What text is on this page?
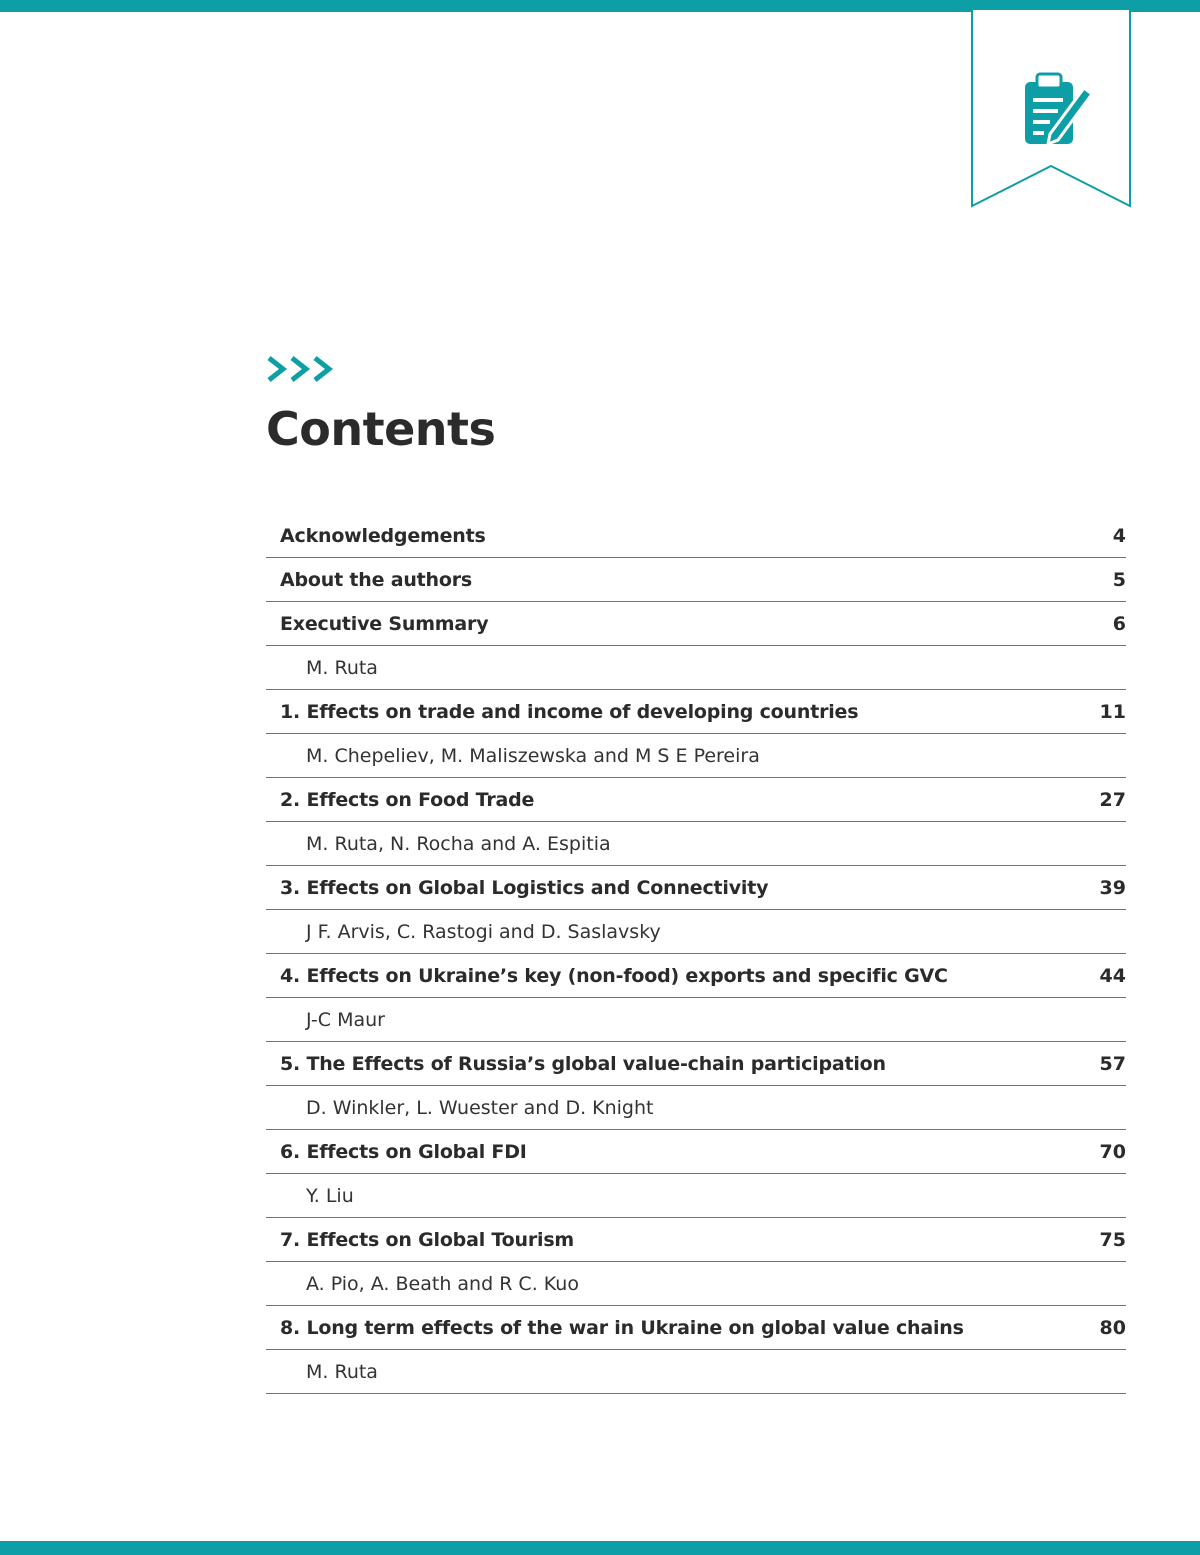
Contents
Acknowledgements	4
About the authors	5
Executive Summary	6
M. Ruta
1. Effects on trade and income of developing countries	11
M. Chepeliev, M. Maliszewska and M S E Pereira
2. Effects on Food Trade	27
M. Ruta, N. Rocha and A. Espitia
3. Effects on Global Logistics and Connectivity	39
J F. Arvis, C. Rastogi and D. Saslavsky
4. Effects on Ukraine’s key (non-food) exports and specific GVC	44
J-C Maur
5. The Effects of Russia’s global value-chain participation	57
D. Winkler, L. Wuester and D. Knight
6. Effects on Global FDI	70
Y. Liu
7. Effects on Global Tourism	75
A. Pio, A. Beath and R C. Kuo
8. Long term effects of the war in Ukraine on global value chains	80
M. Ruta
